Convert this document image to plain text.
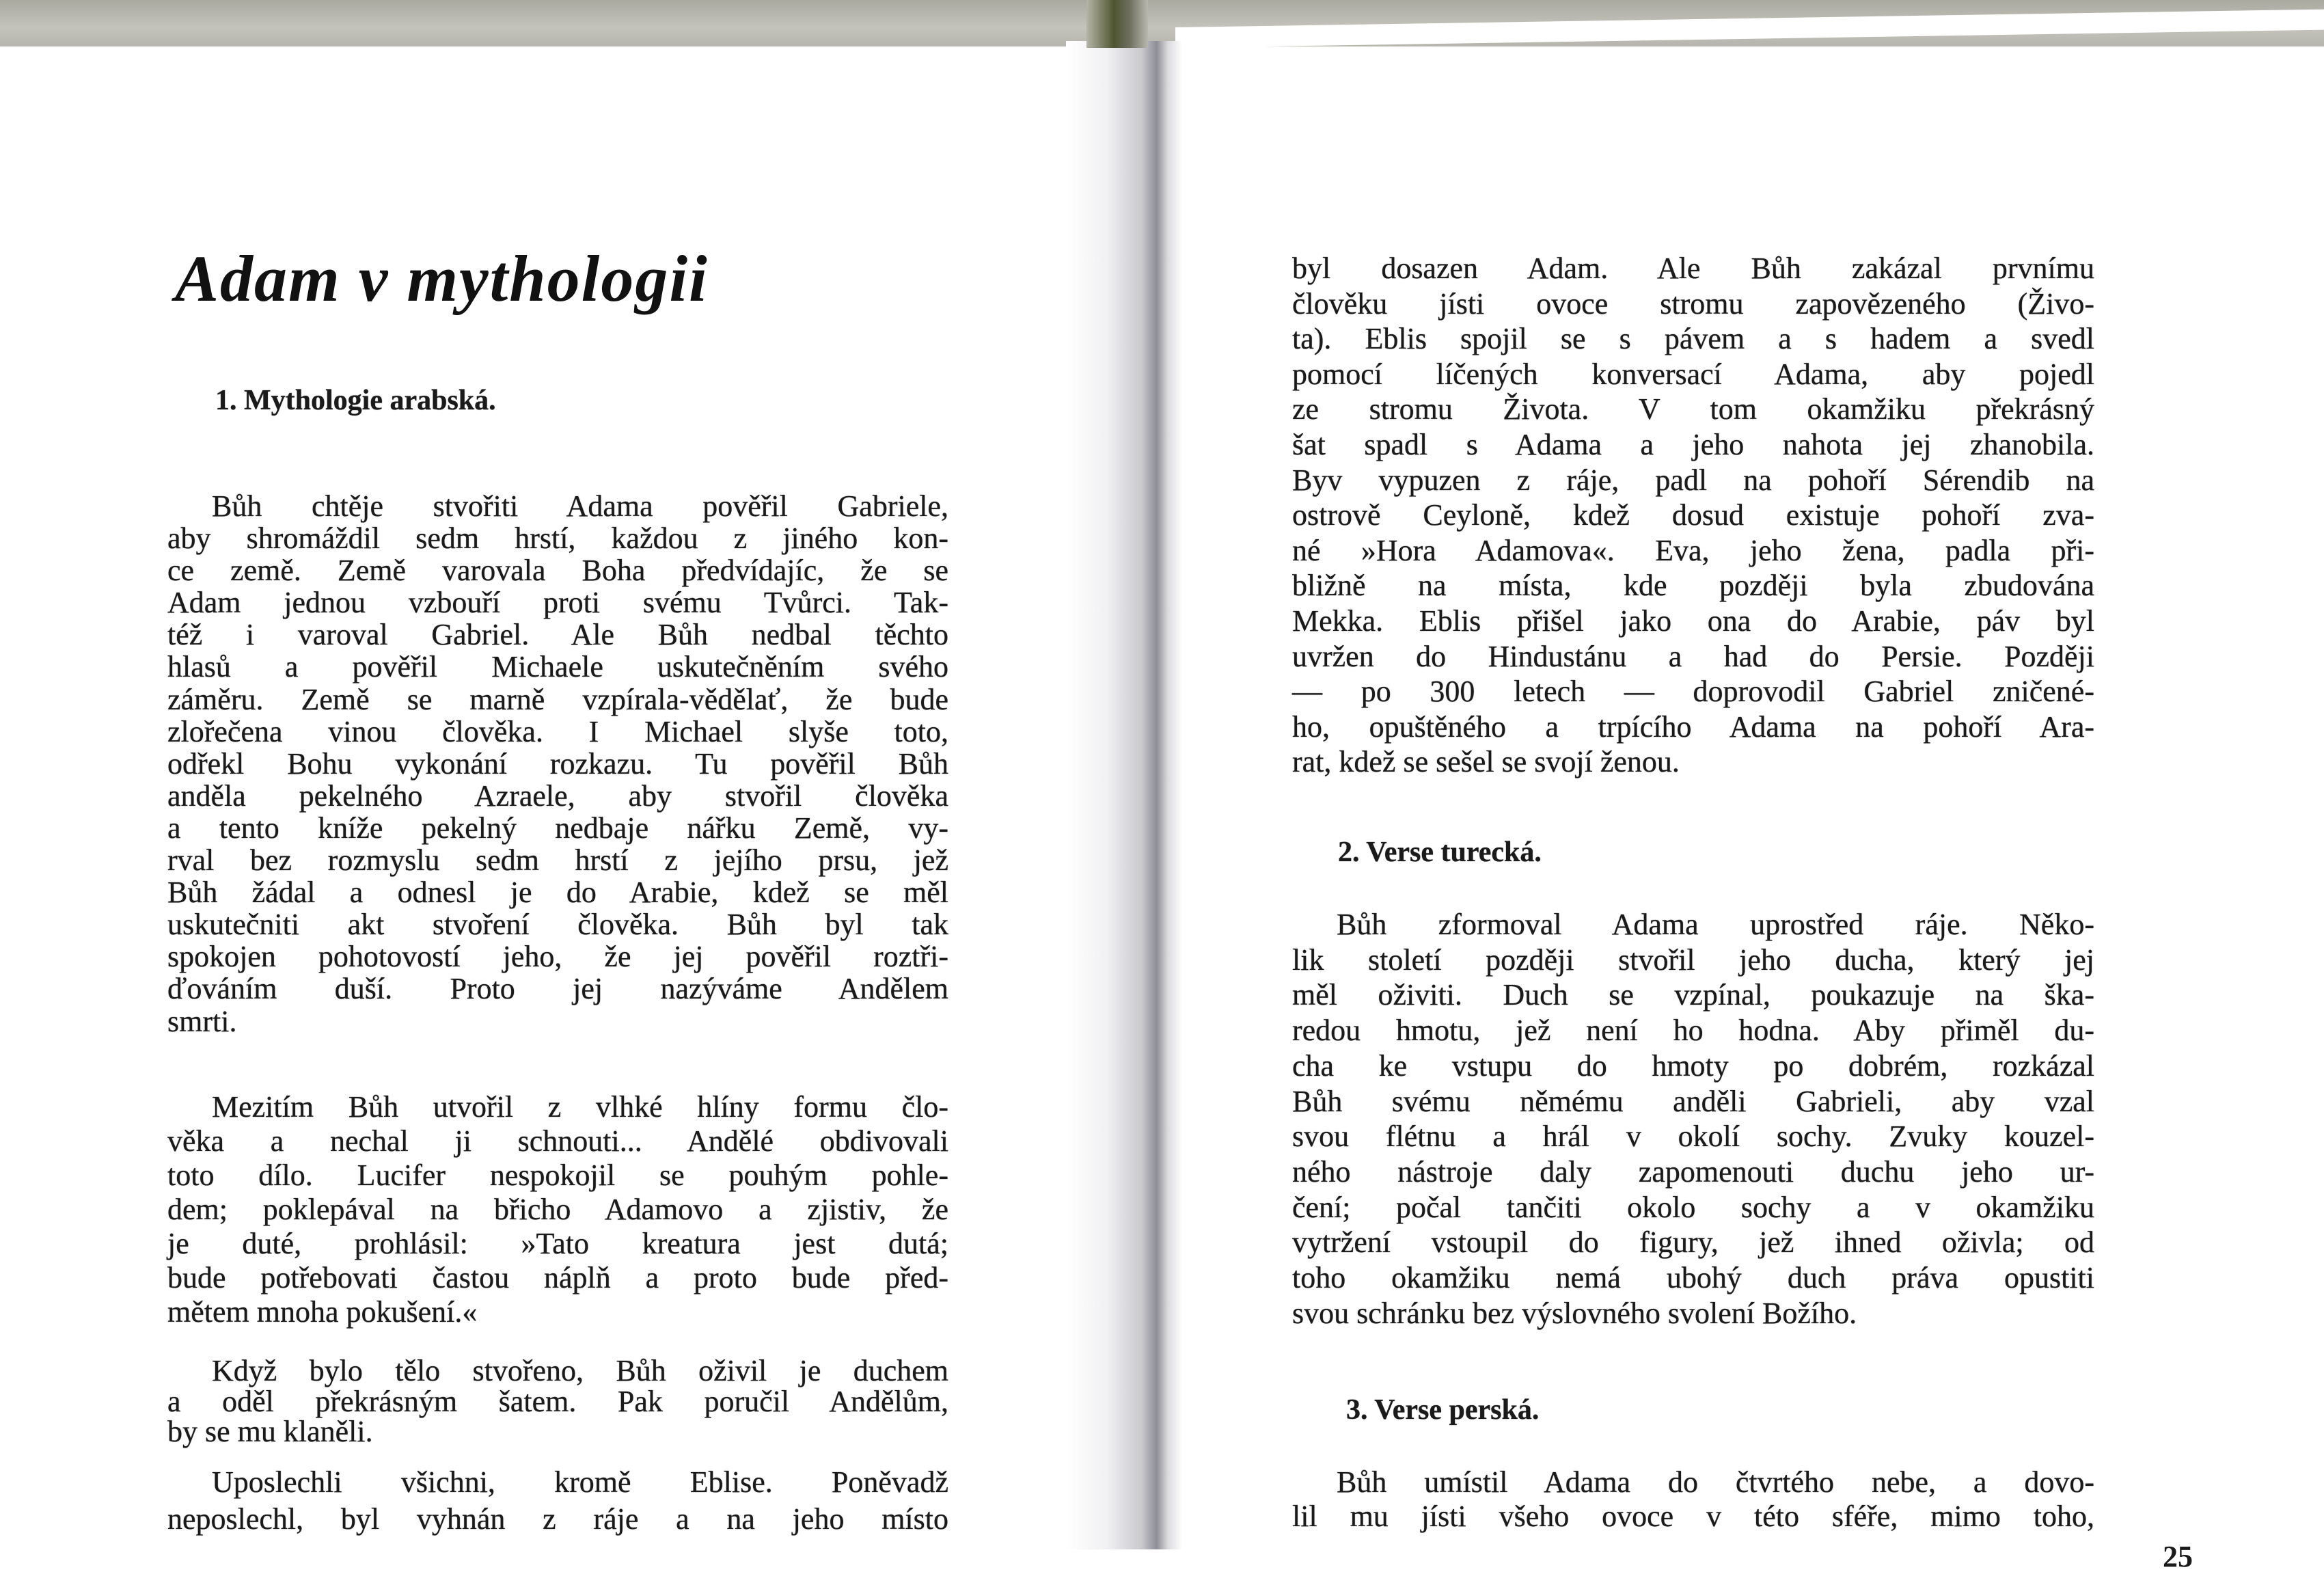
Adam v mythologii
1. Mythologie arabská.
Bůh chtěje stvořiti Adama pověřil Gabriele,
aby shromáždil sedm hrstí, každou z jiného kon-
ce země. Země varovala Boha předvídajíc, že se
Adam jednou vzbouří proti svému Tvůrci. Tak-
též i varoval Gabriel. Ale Bůh nedbal těchto
hlasů a pověřil Michaele uskutečněním svého
záměru. Země se marně vzpírala-vědělať, že bude
zlořečena vinou člověka. I Michael slyše toto,
odřekl Bohu vykonání rozkazu. Tu pověřil Bůh
anděla pekelného Azraele, aby stvořil člověka
a tento kníže pekelný nedbaje nářku Země, vy-
rval bez rozmyslu sedm hrstí z jejího prsu, jež
Bůh žádal a odnesl je do Arabie, kdež se měl
uskutečniti akt stvoření člověka. Bůh byl tak
spokojen pohotovostí jeho, že jej pověřil roztři-
ďováním duší. Proto jej nazýváme Andělem
smrti.
Mezitím Bůh utvořil z vlhké hlíny formu člo-
věka a nechal ji schnouti... Andělé obdivovali
toto dílo. Lucifer nespokojil se pouhým pohle-
dem; poklepával na břicho Adamovo a zjistiv, že
je duté, prohlásil: »Tato kreatura jest dutá;
bude potřebovati častou náplň a proto bude před-
mětem mnoha pokušení.«
Když bylo tělo stvořeno, Bůh oživil je duchem
a oděl překrásným šatem. Pak poručil Andělům,
by se mu klaněli.
Uposlechli všichni, kromě Eblise. Poněvadž
neposlechl, byl vyhnán z ráje a na jeho místo
byl dosazen Adam. Ale Bůh zakázal prvnímu
člověku jísti ovoce stromu zapovězeného (Živo-
ta). Eblis spojil se s pávem a s hadem a svedl
pomocí líčených konversací Adama, aby pojedl
ze stromu Života. V tom okamžiku překrásný
šat spadl s Adama a jeho nahota jej zhanobila.
Byv vypuzen z ráje, padl na pohoří Sérendib na
ostrově Ceyloně, kdež dosud existuje pohoří zva-
né »Hora Adamova«. Eva, jeho žena, padla při-
bližně na místa, kde později byla zbudována
Mekka. Eblis přišel jako ona do Arabie, páv byl
uvržen do Hindustánu a had do Persie. Později
— po 300 letech — doprovodil Gabriel zničené-
ho, opuštěného a trpícího Adama na pohoří Ara-
rat, kdež se sešel se svojí ženou.
2. Verse turecká.
Bůh zformoval Adama uprostřed ráje. Něko-
lik století později stvořil jeho ducha, který jej
měl oživiti. Duch se vzpínal, poukazuje na ška-
redou hmotu, jež není ho hodna. Aby přiměl du-
cha ke vstupu do hmoty po dobrém, rozkázal
Bůh svému němému anděli Gabrieli, aby vzal
svou flétnu a hrál v okolí sochy. Zvuky kouzel-
ného nástroje daly zapomenouti duchu jeho ur-
čení; počal tančiti okolo sochy a v okamžiku
vytržení vstoupil do figury, jež ihned oživla; od
toho okamžiku nemá ubohý duch práva opustiti
svou schránku bez výslovného svolení Božího.
3. Verse perská.
Bůh umístil Adama do čtvrtého nebe, a dovo-
lil mu jísti všeho ovoce v této sféře, mimo toho,
25
